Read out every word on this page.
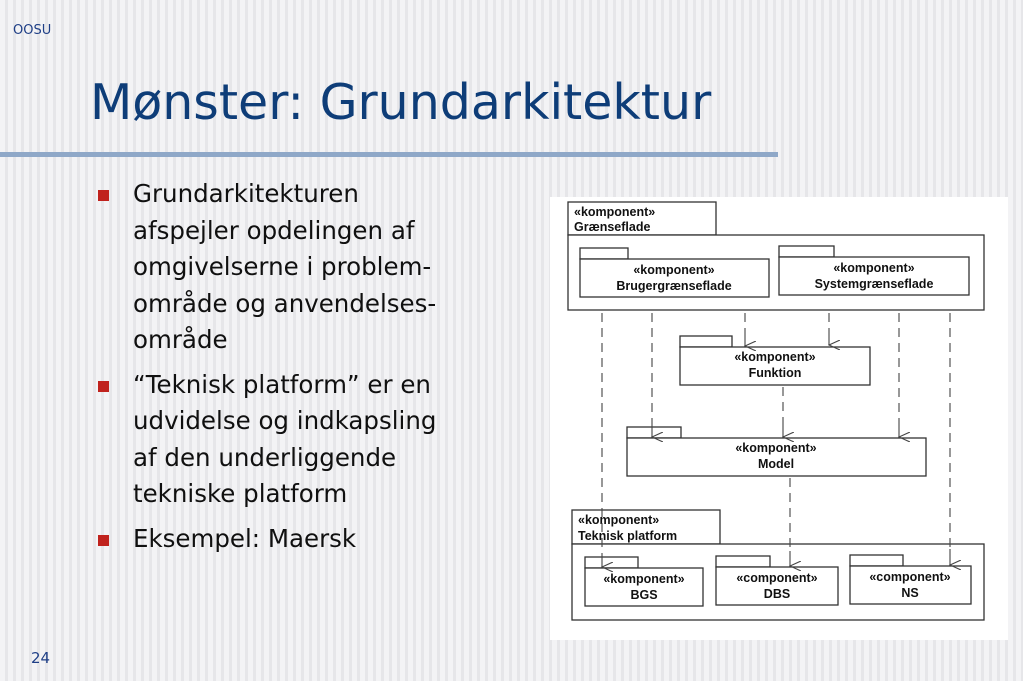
OOSU
Mønster: Grundarkitektur
Grundarkitekturen
afspejler opdelingen af
omgivelserne i problem-
område og anvendelses-
område
“Teknisk platform” er en
udvidelse og indkapsling
af den underliggende
tekniske platform
Eksempel: Maersk
«komponent»
Grænseflade
«komponent»
Brugergrænseflade
«komponent»
Systemgrænseflade
«komponent»
Funktion
«komponent»
Model
«komponent»
Teknisk platform
«komponent»
BGS
«component»
DBS
«component»
NS
24
